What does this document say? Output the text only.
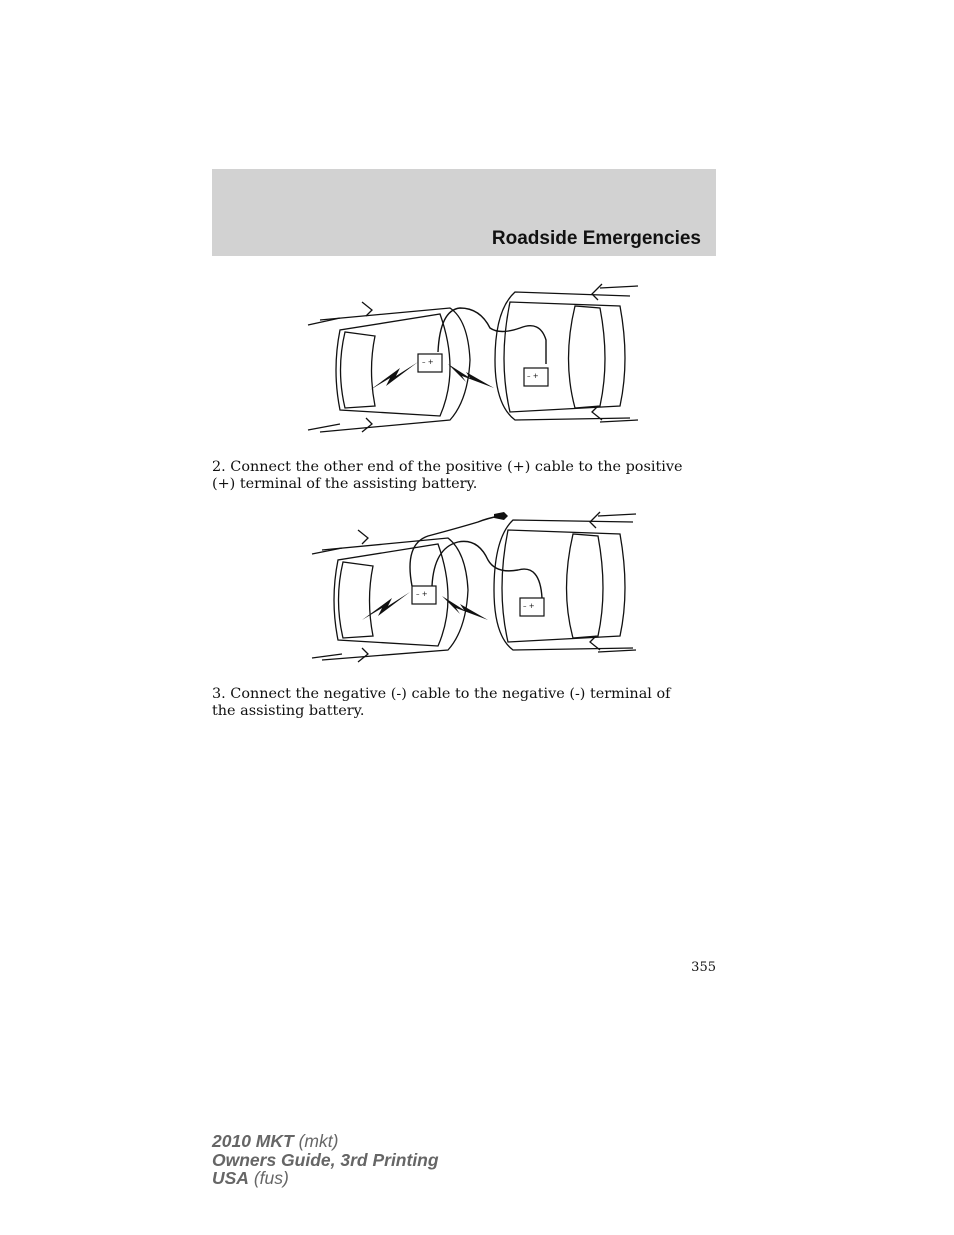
Roadside Emergencies
– +
– +
2. Connect the other end of the positive (+) cable to the positive (+) terminal of the assisting battery.
– +
– +
3. Connect the negative (-) cable to the negative (-) terminal of the assisting battery.
355
2010 MKT (mkt)
Owners Guide, 3rd Printing
USA (fus)
